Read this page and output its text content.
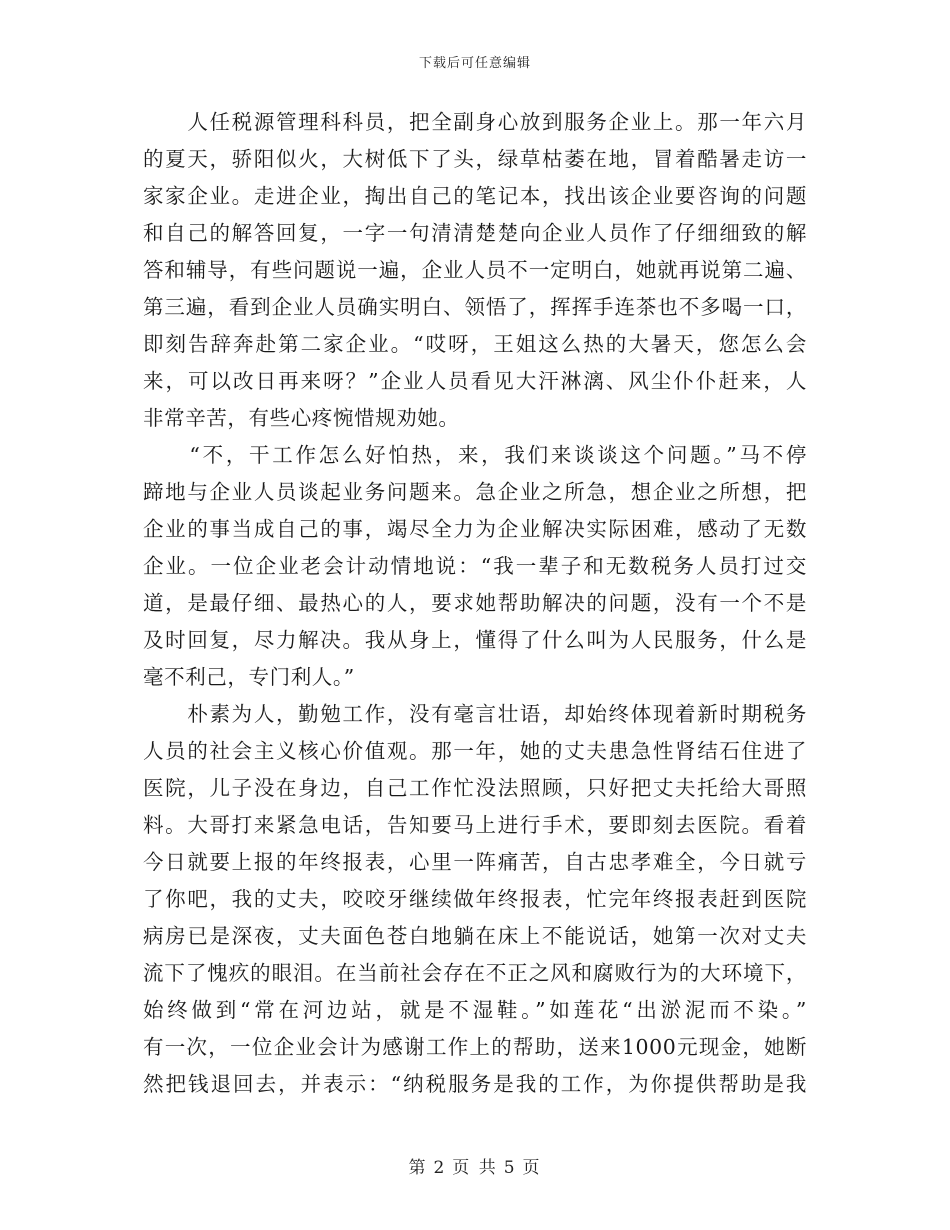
下载后可任意编辑
　　人任税源管理科科员，把全副身心放到服务企业上。那一年六月
的夏天，骄阳似火，大树低下了头，绿草枯萎在地，冒着酷暑走访一
家家企业。走进企业，掏出自己的笔记本，找出该企业要咨询的问题
和自己的解答回复，一字一句清清楚楚向企业人员作了仔细细致的解
答和辅导，有些问题说一遍，企业人员不一定明白，她就再说第二遍、
第三遍，看到企业人员确实明白、领悟了，挥挥手连茶也不多喝一口，
即刻告辞奔赴第二家企业。“哎呀，王姐这么热的大暑天，您怎么会
来，可以改日再来呀？”企业人员看见大汗淋漓、风尘仆仆赶来，人
非常辛苦，有些心疼惋惜规劝她。
　　“不，干工作怎么好怕热，来，我们来谈谈这个问题。”马不停
蹄地与企业人员谈起业务问题来。急企业之所急，想企业之所想，把
企业的事当成自己的事，竭尽全力为企业解决实际困难，感动了无数
企业。一位企业老会计动情地说：“我一辈子和无数税务人员打过交
道，是最仔细、最热心的人，要求她帮助解决的问题，没有一个不是
及时回复，尽力解决。我从身上，懂得了什么叫为人民服务，什么是
毫不利己，专门利人。”
　　朴素为人，勤勉工作，没有毫言壮语，却始终体现着新时期税务
人员的社会主义核心价值观。那一年，她的丈夫患急性肾结石住进了
医院，儿子没在身边，自己工作忙没法照顾，只好把丈夫托给大哥照
料。大哥打来紧急电话，告知要马上进行手术，要即刻去医院。看着
今日就要上报的年终报表，心里一阵痛苦，自古忠孝难全，今日就亏
了你吧，我的丈夫，咬咬牙继续做年终报表，忙完年终报表赶到医院
病房已是深夜，丈夫面色苍白地躺在床上不能说话，她第一次对丈夫
流下了愧疚的眼泪。在当前社会存在不正之风和腐败行为的大环境下，
始终做到“常在河边站，就是不湿鞋。”如莲花“出淤泥而不染。”
有一次，一位企业会计为感谢工作上的帮助，送来1000元现金，她断
然把钱退回去，并表示：“纳税服务是我的工作，为你提供帮助是我
第 2 页 共 5 页
